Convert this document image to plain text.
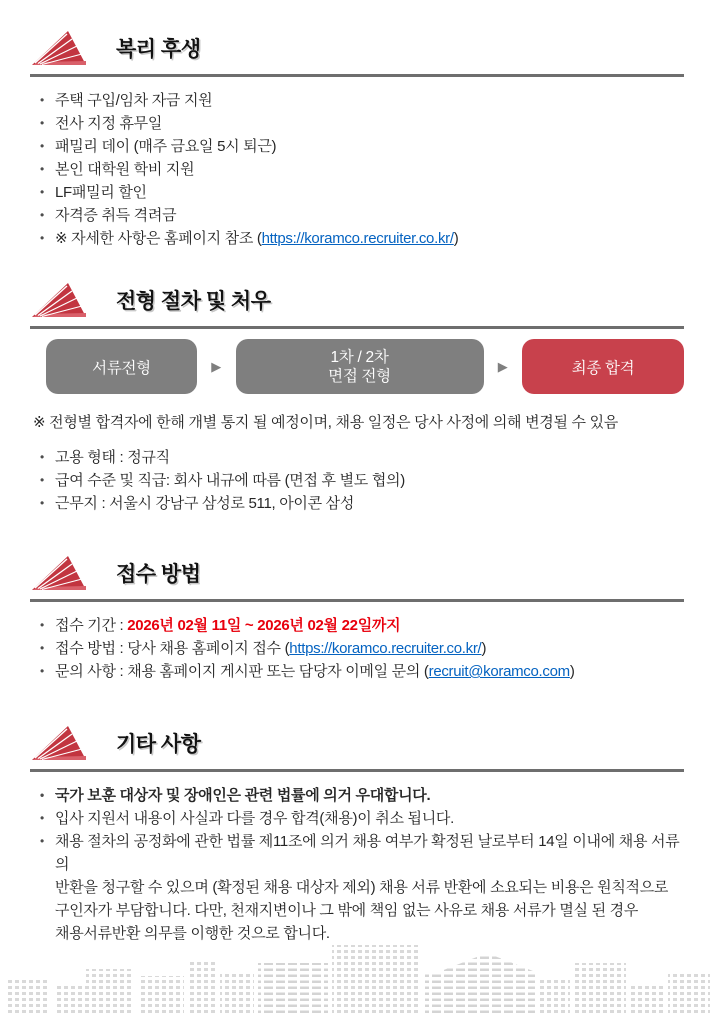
복리 후생
• 주택 구입/임차 자금 지원
• 전사 지정 휴무일
• 패밀리 데이 (매주 금요일 5시 퇴근)
• 본인 대학원 학비 지원
• LF패밀리 할인
• 자격증 취득 격려금
• ※ 자세한 사항은 홈페이지 참조 (https://koramco.recruiter.co.kr/)
전형 절차 및 처우
서류전형	▶
1차 / 2차
면접 전형
▶	최종 합격

※ 전형별 합격자에 한해 개별 통지 될 예정이며, 채용 일정은 당사 사정에 의해 변경될 수 있음

• 고용 형태 : 정규직
• 급여 수준 및 직급: 회사 내규에 따름 (면접 후 별도 협의)
• 근무지 : 서울시 강남구 삼성로 511, 아이콘 삼성
접수 방법
• 접수 기간 : 2026년 02월 11일 ~ 2026년 02월 22일까지
• 접수 방법 : 당사 채용 홈페이지 접수 (https://koramco.recruiter.co.kr/)
• 문의 사항 : 채용 홈페이지 게시판 또는 담당자 이메일 문의 (recruit@koramco.com)
기타 사항
• 국가 보훈 대상자 및 장애인은 관련 법률에 의거 우대합니다.
• 입사 지원서 내용이 사실과 다를 경우 합격(채용)이 취소 됩니다.
• 채용 절차의 공정화에 관한 법률 제11조에 의거 채용 여부가 확정된 날로부터 14일 이내에 채용 서류의
반환을 청구할 수 있으며 (확정된 채용 대상자 제외) 채용 서류 반환에 소요되는 비용은 원칙적으로
구인자가 부담합니다. 다만, 천재지변이나 그 밖에 책임 없는 사유로 채용 서류가 멸실 된 경우
채용서류반환 의무를 이행한 것으로 합니다.
